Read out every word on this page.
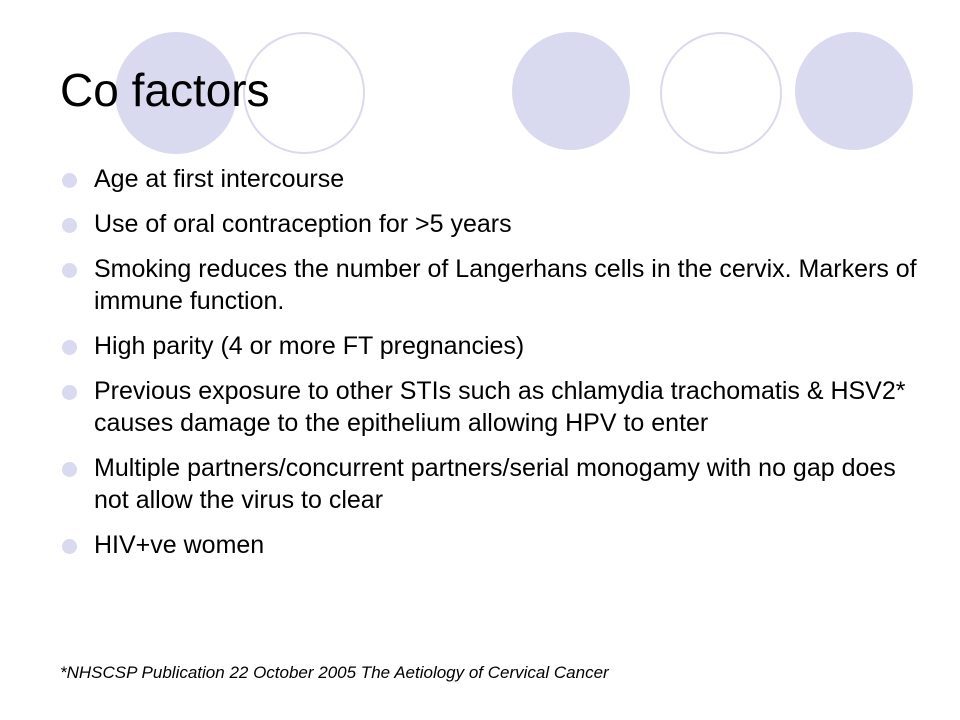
Co factors
Age at first intercourse
Use of oral contraception for >5 years
Smoking reduces the number of Langerhans cells in the cervix. Markers of immune function.
High parity (4 or more FT pregnancies)
Previous exposure to other STIs such as chlamydia trachomatis & HSV2* causes damage to the epithelium allowing HPV to enter
Multiple partners/concurrent partners/serial monogamy with no gap does not allow the virus to clear
HIV+ve women
*NHSCSP Publication 22 October 2005 The Aetiology of Cervical Cancer
